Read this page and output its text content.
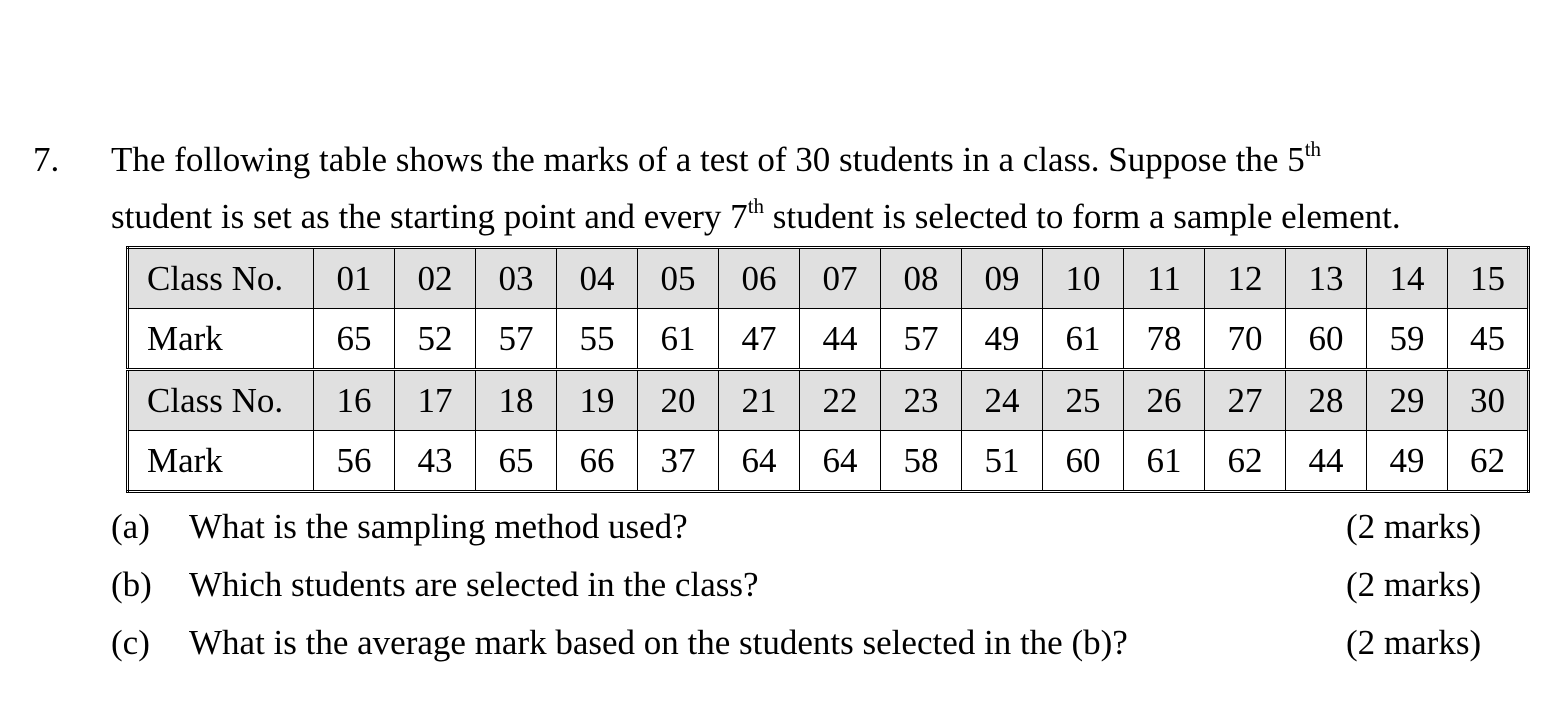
7. The following table shows the marks of a test of 30 students in a class. Suppose the 5th
student is set as the starting point and every 7th student is selected to form a sample element.
Class No.	01	02	03	04	05	06	07	08	09	10	11	12	13	14	15
Mark	65	52	57	55	61	47	44	57	49	61	78	70	60	59	45
Class No.	16	17	18	19	20	21	22	23	24	25	26	27	28	29	30
Mark	56	43	65	66	37	64	64	58	51	60	61	62	44	49	62
(a) What is the sampling method used?	(2 marks)
(b) Which students are selected in the class?	(2 marks)
(c) What is the average mark based on the students selected in the (b)?	(2 marks)
